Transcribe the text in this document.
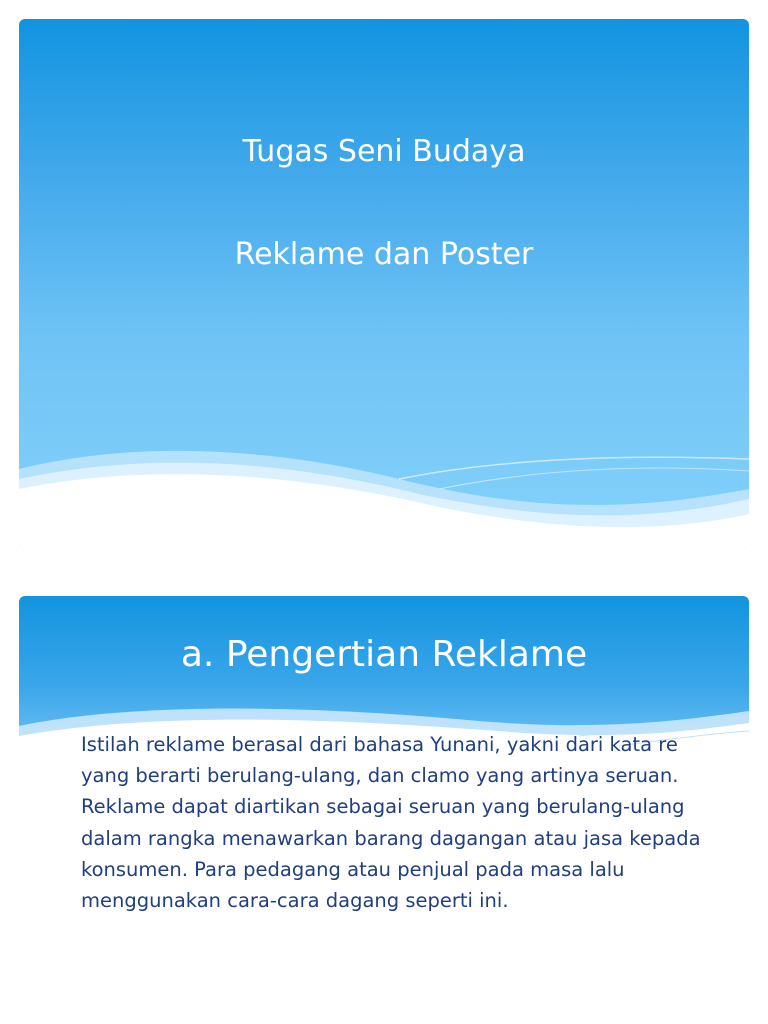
Tugas Seni Budaya
Reklame dan Poster
a. Pengertian Reklame

Istilah reklame berasal dari bahasa Yunani, yakni dari kata re yang berarti berulang-ulang, dan clamo yang artinya seruan. Reklame dapat diartikan sebagai seruan yang berulang-ulang dalam rangka menawarkan barang dagangan atau jasa kepada konsumen. Para pedagang atau penjual pada masa lalu menggunakan cara-cara dagang seperti ini.
